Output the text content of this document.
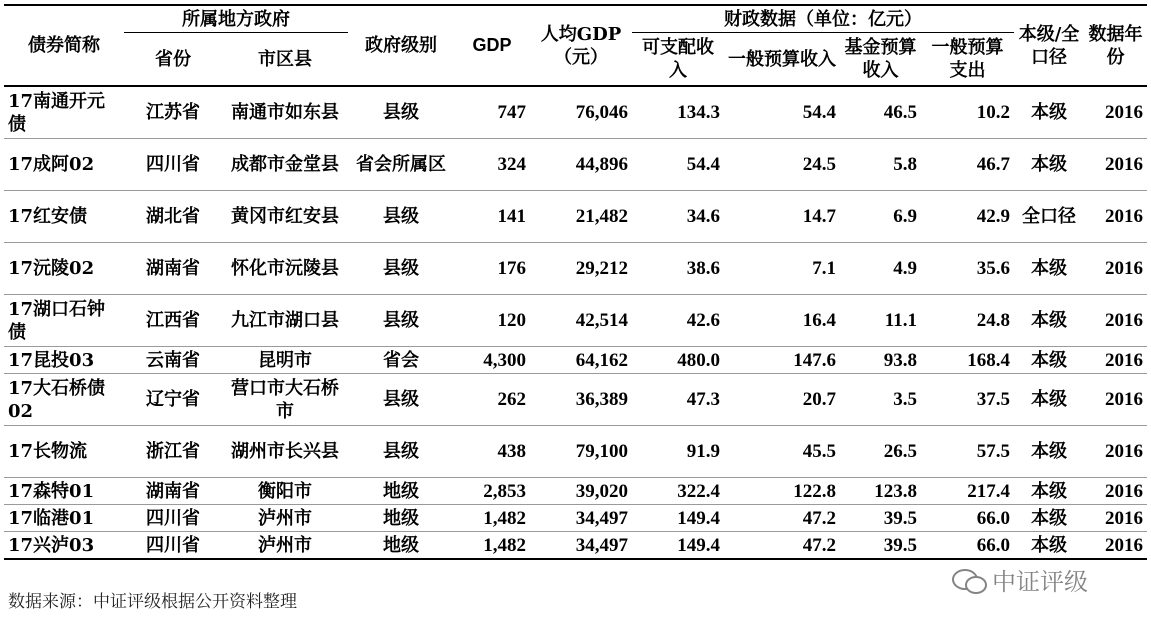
债券简称	所属地方政府		政府级别	GDP	人均GDP（元）	财政数据（单位：亿元）				本级/全口径	数据年份
	省份	市区县				可支配收入	一般预算收入	基金预算收入	一般预算支出		
17南通开元债	江苏省	南通市如东县	县级	747	76,046	134.3	54.4	46.5	10.2	本级	2016
17成阿02	四川省	成都市金堂县	省会所属区	324	44,896	54.4	24.5	5.8	46.7	本级	2016
17红安债	湖北省	黄冈市红安县	县级	141	21,482	34.6	14.7	6.9	42.9	全口径	2016
17沅陵02	湖南省	怀化市沅陵县	县级	176	29,212	38.6	7.1	4.9	35.6	本级	2016
17湖口石钟债	江西省	九江市湖口县	县级	120	42,514	42.6	16.4	11.1	24.8	本级	2016
17昆投03	云南省	昆明市	省会	4,300	64,162	480.0	147.6	93.8	168.4	本级	2016
17大石桥债02	辽宁省	营口市大石桥市	县级	262	36,389	47.3	20.7	3.5	37.5	本级	2016
17长物流	浙江省	湖州市长兴县	县级	438	79,100	91.9	45.5	26.5	57.5	本级	2016
17森特01	湖南省	衡阳市	地级	2,853	39,020	322.4	122.8	123.8	217.4	本级	2016
17临港01	四川省	泸州市	地级	1,482	34,497	149.4	47.2	39.5	66.0	本级	2016
17兴泸03	四川省	泸州市	地级	1,482	34,497	149.4	47.2	39.5	66.0	本级	2016
数据来源：中证评级根据公开资料整理
中证评级
